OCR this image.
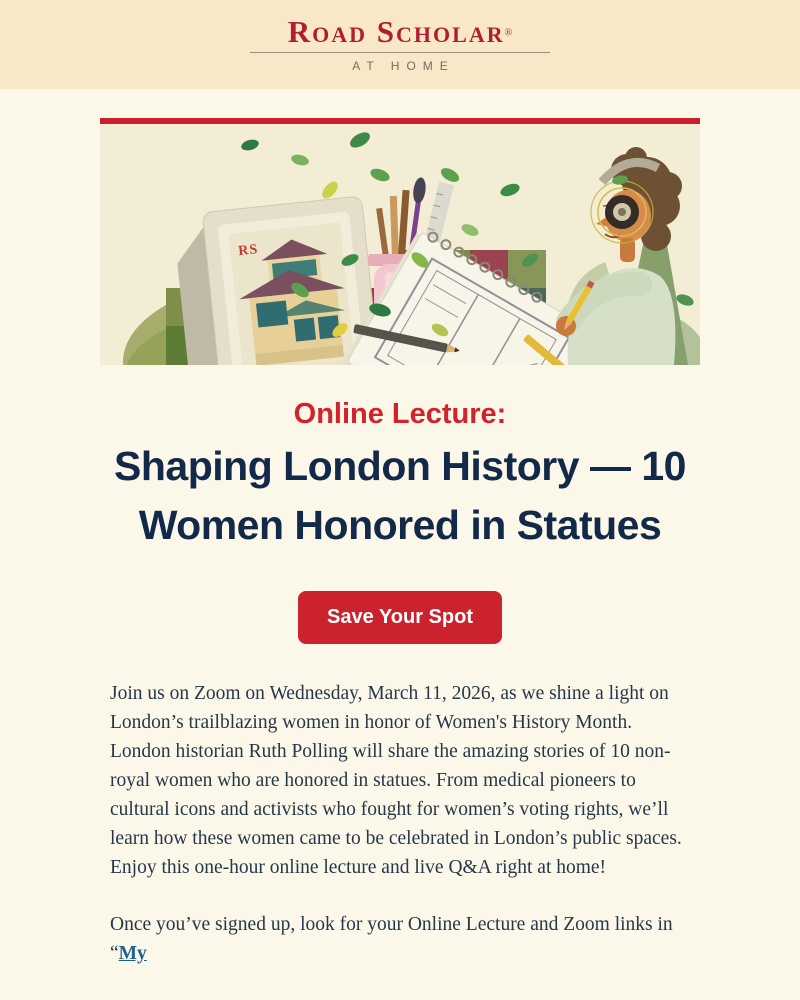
Road Scholar®
AT HOME
RS
Online Lecture:
Shaping London History — 10 Women Honored in Statues
Save Your Spot

Join us on Zoom on Wednesday, March 11, 2026, as we shine a light on London’s trailblazing women in honor of Women's History Month. London historian Ruth Polling will share the amazing stories of 10 non-royal women who are honored in statues. From medical pioneers to cultural icons and activists who fought for women’s voting rights, we’ll learn how these women came to be celebrated in London’s public spaces. Enjoy this one-hour online lecture and live Q&A right at home!

Once you’ve signed up, look for your Online Lecture and Zoom links in “My
